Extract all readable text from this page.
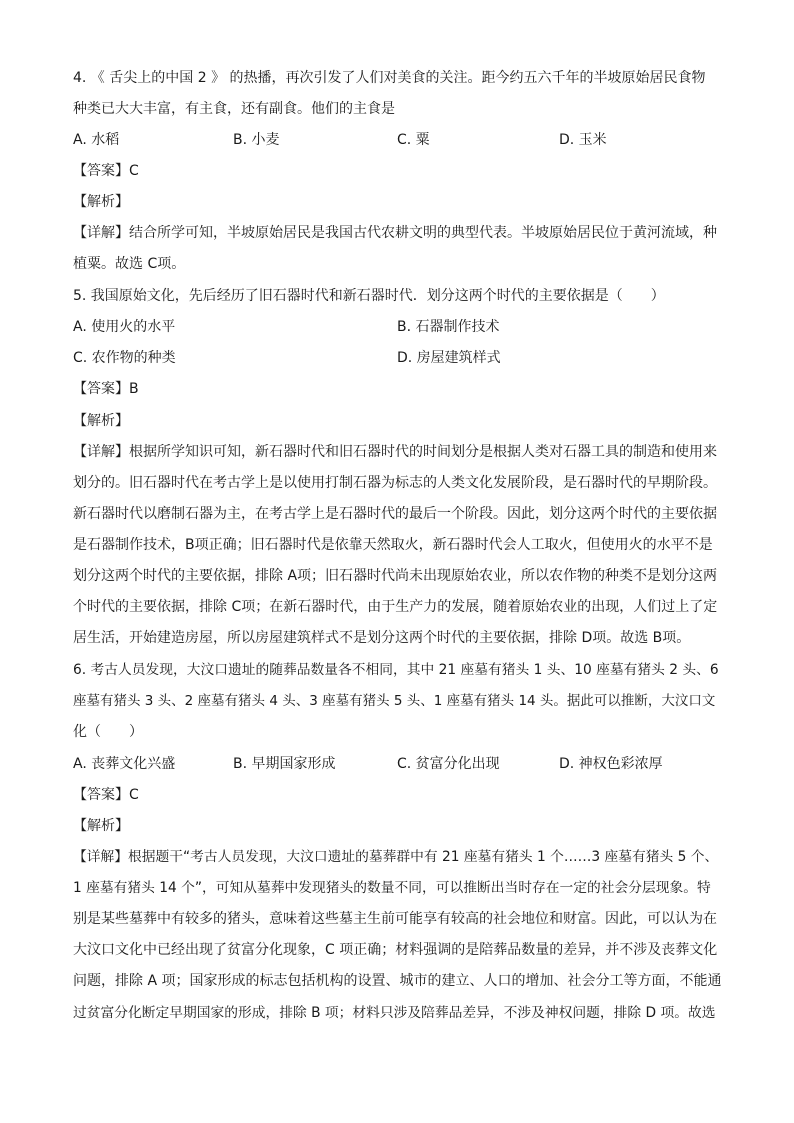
4. 《 舌尖上的中国 2 》 的热播，再次引发了人们对美食的关注。距今约五六千年的半坡原始居民食物
种类已大大丰富，有主食，还有副食。他们的主食是
A. 水稻	B. 小麦	C. 粟	D. 玉米
【答案】C
【解析】
【详解】结合所学可知，半坡原始居民是我国古代农耕文明的典型代表。半坡原始居民位于黄河流域，种
植粟。故选 C项。
5. 我国原始文化，先后经历了旧石器时代和新石器时代．划分这两个时代的主要依据是（　　）
A. 使用火的水平	B. 石器制作技术
C. 农作物的种类	D. 房屋建筑样式
【答案】B
【解析】
【详解】根据所学知识可知，新石器时代和旧石器时代的时间划分是根据人类对石器工具的制造和使用来
划分的。旧石器时代在考古学上是以使用打制石器为标志的人类文化发展阶段，是石器时代的早期阶段。
新石器时代以磨制石器为主，在考古学上是石器时代的最后一个阶段。因此，划分这两个时代的主要依据
是石器制作技术，B项正确；旧石器时代是依靠天然取火，新石器时代会人工取火，但使用火的水平不是
划分这两个时代的主要依据，排除 A项；旧石器时代尚未出现原始农业，所以农作物的种类不是划分这两
个时代的主要依据，排除 C项；在新石器时代，由于生产力的发展，随着原始农业的出现，人们过上了定
居生活，开始建造房屋，所以房屋建筑样式不是划分这两个时代的主要依据，排除 D项。故选 B项。
6. 考古人员发现，大汶口遗址的随葬品数量各不相同，其中 21 座墓有猪头 1 头、10 座墓有猪头 2 头、6
座墓有猪头 3 头、2 座墓有猪头 4 头、3 座墓有猪头 5 头、1 座墓有猪头 14 头。据此可以推断，大汶口文
化（　　）
A. 丧葬文化兴盛	B. 早期国家形成	C. 贫富分化出现	D. 神权色彩浓厚
【答案】C
【解析】
【详解】根据题干“考古人员发现，大汶口遗址的墓葬群中有 21 座墓有猪头 1 个……3 座墓有猪头 5 个、
1 座墓有猪头 14 个”，可知从墓葬中发现猪头的数量不同，可以推断出当时存在一定的社会分层现象。特
别是某些墓葬中有较多的猪头，意味着这些墓主生前可能享有较高的社会地位和财富。因此，可以认为在
大汶口文化中已经出现了贫富分化现象，C 项正确；材料强调的是陪葬品数量的差异，并不涉及丧葬文化
问题，排除 A 项；国家形成的标志包括机构的设置、城市的建立、人口的增加、社会分工等方面，不能通
过贫富分化断定早期国家的形成，排除 B 项；材料只涉及陪葬品差异，不涉及神权问题，排除 D 项。故选
